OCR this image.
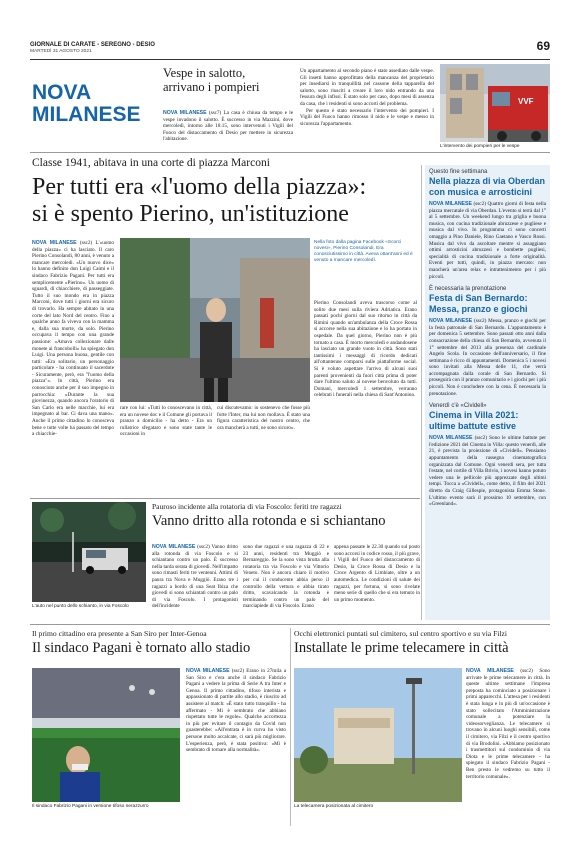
GIORNALE DI CARATE - SEREGNO - DESIO
MARTEDÌ 31 AGOSTO 2021	69
NOVA
MILANESE
Vespe in salotto,
arrivano i pompieri
NOVA MILANESE (ssc7) La casa è chiusa da tempo e le vespe invadono il salotto. È successo in via Mazzini, dove mercoledì, intorno alle 18.15, sono intervenuti i Vigili del Fuoco del distaccamento di Desio per mettere in sicurezza l'abitazione.

Un appartamento al secondo piano è stato assediato dalle vespe. Gli insetti hanno approfittato della mancanza del proprietario per insediarsi in tranquillità nel cassone della tapparella del salotto, sono riusciti a creare il loro nido entrando da una fessura degli infissi. È stato solo per caso, dopo mesi di assenza da casa, che i residenti si sono accorti del problema.

Per questo è stato necessario l'intervento dei pompieri. I Vigili del Fuoco hanno rimosso il nido e le vespe e messo in sicurezza l'appartamento.

VVF
L'intervento dei pompieri per le vespe
Classe 1941, abitava in una corte di piazza Marconi
Per tutti era «l'uomo della piazza»:
si è spento Pierino, un'istituzione
NOVA MILANESE (ssc2) L'«uomo della piazza» ci ha lasciato. Il caro Pierino Consolandi, 80 anni, è venuto a mancare mercoledì. «Un nuovo dice» lo hanno definito don Luigi Caimi e il sindaco Fabrizio Pagani. Per tutti era semplicemente «Pierino». Un uomo di sguardi, di chiacchiere, di passeggiate. Tutto il suo mondo era in piazza Marconi, dove tutti i giorni era sicuro di trovarlo. Ha sempre abitato in una corte del lato Nord del centro. Fino a qualche anno fa viveva con la mamma e, dalla sua morte, da solo. Pierino occupava il tempo con una grande passione: «Amava collezionare dalle monete ai francobolli» ha spiegato don Luigi. Una persona buona, gentile con tutti: «Era solitario, un personaggio particolare - ha continuato il sacerdote - Sicuramente, però, era "l'uomo della piazza"». In città, Pierino era conosciuto anche per il suo impegno in parrocchia: «Durante la sua giovinezza, quando ancora l'oratorio di San Carlo era nelle macchie, lui era impegnato al bar. Ci dava una mano». Anche il primo cittadino lo conosceva bene e tutte volte ha passato del tempo a chiacchie-
rare con lui: «Tutti lo conoscevano in città, era un novese doc e il Comune gli portava il pranzo a domicilio - ha detto - Era un rullatrice sfegataro e sono state tante le occasioni in
cui discutevamo: io sostenevo che fosse più forte l'Inter, ma lui non mollava. È stato una figura caratteristica del nostro centro, che ora mancherà a tutti, ne sono sicuro».
Nella foto dalla pagina Facebook «Scorci novesi», Pierino Consolandi. Era conosciutissimo in città. Aveva ottant'anni ed è venuto a mancare mercoledì.
Pierino Consolandi aveva trascorso come al solito due mesi sulla riviera Adriatica. Erano passati pochi giorni dal suo ritorno in città da Rimini quando un'ambulanza della Croce Rossa si accorse nella sua abitazione e lo ha portato in ospedale. Da quel giorno, Pierino non è più tornato a casa. È morto mercoledì e andandosene ha lasciato un grande vuoto in città. Sono stati tantissimi i messaggi di ricordo dedicati all'ottantenne comparsi sulle piattaforme social. Si è voluto aspettare l'arrivo di alcuni suoi parenti provenienti da fuori città prima di poter dare l'ultimo saluto al novese benvoluto da tutti. Domani, mercoledì 1 settembre, verranno celebrati i funerali nella chiesa di Sant'Antonino.
Questo fine settimana
Nella piazza di via Oberdan con musica e arrosticini
NOVA MILANESE (ssc2) Quattro giorni di festa nella piazza mercatale di via Oberdan. L'evento si terrà dal 1° al 5 settembre. Un weekend lungo tra griglia e buona musica, con cucina tradizionale abruzzese e pugliese e musica dal vivo. In programma ci sono concerti omaggio a Pino Daniele, Rino Gaetano e Vasco Rossi. Musica dal vivo da ascoltare mentre si assaggiano ottimi arrosticini abruzzesi e bombette pugliesi, specialità di cucina tradizionale a forte originalità. Eventi per tutti, quindi, in piazza mercato: non mancherà un'area relax e intrattenimento per i più piccoli.
È necessaria la prenotazione
Festa di San Bernardo: Messa, pranzo e giochi
NOVA MILANESE (ssc2) Messa, pranzo e giochi per la festa patronale di San Bernardo. L'appuntamento è per domenica 5 settembre. Sono passati otto anni dalla consacrazione della chiesa di San Bernardo, avvenuta il 1° settembre del 2013 alla presenza del cardinale Angelo Scola. In occasione dell'anniversario, il fine settimana è ricco di appuntamenti. Domenica 5 i novesi sono invitati alla Messa delle 11, che verrà accompagnata dalla corale di San Bernardo. Si proseguirà con il pranzo comunitario e i giochi per i più piccoli. Non è concludere con la cena. È necessaria la prenotazione.
Venerdì c'è «Cividell»
Cinema in Villa 2021: ultime battute estive
NOVA MILANESE (ssc2) Sono le ultime battute per l'edizione 2021 del Cinema in Villa: questo venerdì, alle 21, è prevista la proiezione di «Cividell». Pensiamo appuntamento della rassegna cinematografica organizzata dal Comune. Ogni venerdì sera, per tutta l'estate, nel cortile di Villa Brivio, i novesi hanno potuto vedere una le pellicole più apprezzate degli ultimi tempi. Tocca a «Cividell», come detto, il film del 2021 diretto da Craig Gillespie, protagonista Emma Stone. L'ultimo evento sarà il prossimo 10 settembre, con «Greenland».
Pauroso incidente alla rotatoria di via Foscolo: feriti tre ragazzi
Vanno dritto alla rotonda e si schiantano
L'auto nel punto dello schianto, in via Foscolo
NOVA MILANESE (ssc2) Vanno dritto alla rotonda di via Foscolo e si schiantano contro un palo. È successo nella tarda serata di giovedì. Nell'impatto sono rimasti feriti tre ventenni. Attimi di paura tra Nova e Muggiò. Erano tre i ragazzi a bordo di una Seat Ibiza che giovedì si sono schiantati contro un palo di via Foscolo. I protagonisti dell'incidente
sono due ragazzi e una ragazza di 22 e 23 anni, residenti tra Muggiò e Bernareggio. Se la sono vista brutta alla rotatoria tra via Foscolo e via Vittorio Veneto. Non è ancora chiaro il motivo per cui il conducente abbia perso il controllo della vettura e abbia tirato dritto, scavalcando la rotonda e terminando contro un palo del marciapiede di via Foscolo. Erano
appena passate le 22.30 quando sul posto sono accorsi in codice rosso, il più grave, i Vigili del Fuoco del distaccamento di Desio, la Croce Rossa di Desio e la Croce Argento di Limbiate, oltre a un automedica. Le condizioni di salute dei ragazzi, per fortuna, si sono rivelate meno serie di quello che si era temuto in un primo momento.
Il primo cittadino era presente a San Siro per Inter-Genoa
Il sindaco Pagani è tornato allo stadio
Il sindaco Fabrizio Pagani in versione tifoso nerazzurro
NOVA MILANESE (ssc2) Erano in 27mila a San Siro e c'era anche il sindaco Fabrizio Pagani a vedere la prima di Serie A tra Inter e Genoa. Il primo cittadino, tifoso interista e appassionato di partite allo stadio, è riuscito ad assistere al match: «È stato tutto tranquillo - ha affermato - Mi è sembrato che abbiano rispettato tutte le regole». Qualche accortezza in più per evitare il contagio da Covid non guasterebbe: «All'entrata è in curva ho visto persone molto accalcate, ci sarà più migliorare. L'esperienza, però, è stata positiva: «Mi è sembrato di tornare alla normalità».
Occhi elettronici puntati sul cimitero, sul centro sportivo e su via Filzi
Installate le prime telecamere in città
La telecamera posizionata al cimitero
NOVA MILANESE (ssc2) Sono arrivate le prime telecamere in città. In queste ultime settimane l'impresa preposta ha cominciato a posizionare i primi apparecchi. L'attesa per i residenti è stata lunga e in più di un'occasione è stato sollecitato l'Amministrazione comunale a potenziare la videosorveglianza. Le telecamere si trovano in alcuni luoghi sensibili, come il cimitero, via Filzi e il centro sportivo di via Brodolini. «Abbiamo posizionato i trasmettitori sul condominio di via Diota e le prime telecamere - ha spiegato il sindaco Fabrizio Pagani - Ben presto le vedremo su tutto il territorio comunale».
